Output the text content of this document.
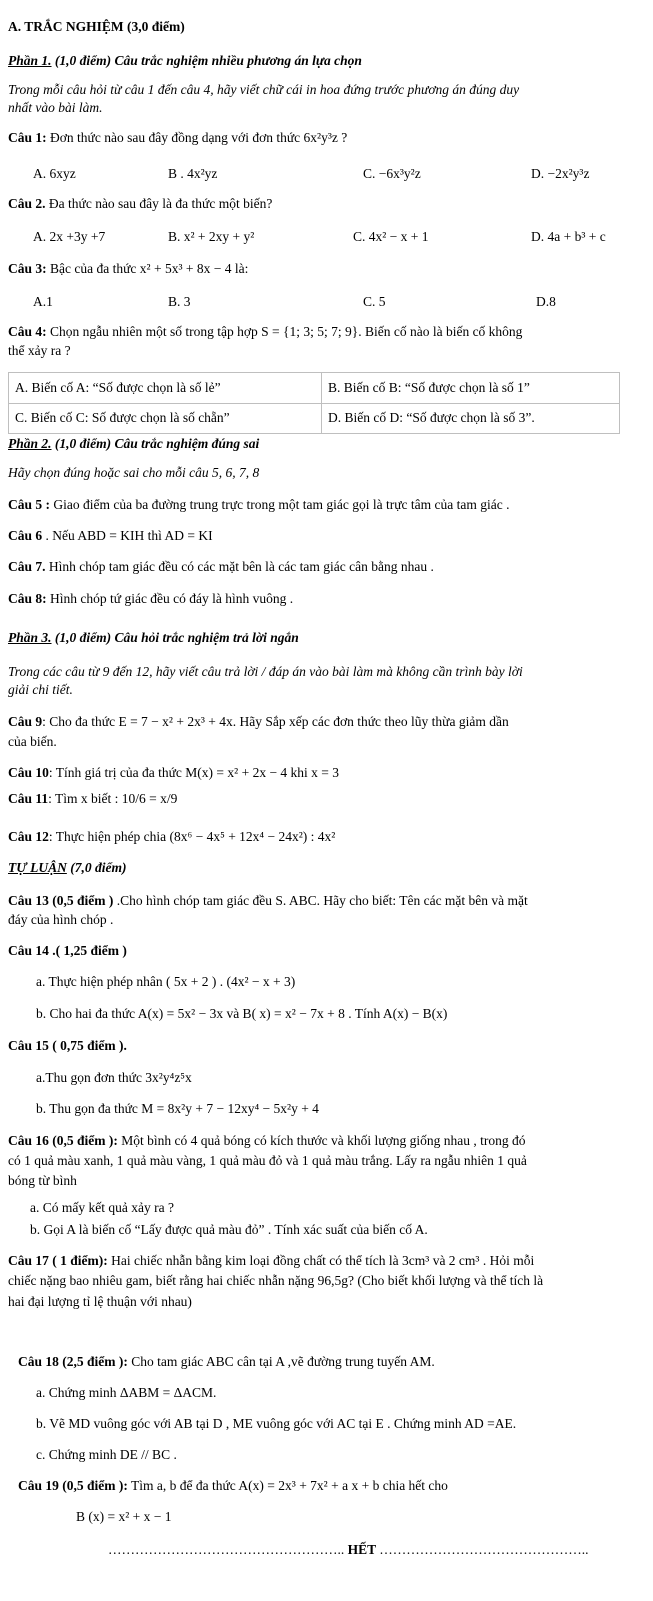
A. TRẮC NGHIỆM (3,0 điểm)
Phần 1. (1,0 điểm) Câu trắc nghiệm nhiều phương án lựa chọn
Trong mỗi câu hỏi từ câu 1 đến câu 4, hãy viết chữ cái in hoa đứng trước phương án đúng duy
nhất vào bài làm.
Câu 1: Đơn thức nào sau đây đồng dạng với đơn thức 6x²y³z ?
A. 6xyz	B . 4x²yz	C. −6x³y²z	D. −2x²y³z
Câu 2. Đa thức nào sau đây là đa thức một biến?
A. 2x +3y +7	B. x² + 2xy + y²	C. 4x² − x + 1	D. 4a + b³ + c
Câu 3: Bậc của đa thức x² + 5x³ + 8x − 4 là:
A.1	B. 3	C. 5	D.8
Câu 4: Chọn ngẫu nhiên một số trong tập hợp S = {1; 3; 5; 7; 9}. Biến cố nào là biến cố không
thể xảy ra ?
A. Biến cố A: “Số được chọn là số lẻ”	B. Biến cố B: “Số được chọn là số 1”
C. Biến cố C: Số được chọn là số chẵn”	D. Biến cố D: “Số được chọn là số 3”.
Phần 2. (1,0 điểm) Câu trắc nghiệm đúng sai
Hãy chọn đúng hoặc sai cho mỗi câu 5, 6, 7, 8
Câu 5 : Giao điểm của ba đường trung trực trong một tam giác gọi là trực tâm của tam giác .
Câu 6 . Nếu ABD = KIH thì AD = KI
Câu 7. Hình chóp tam giác đều có các mặt bên là các tam giác cân bằng nhau .
Câu 8: Hình chóp tứ giác đều có đáy là hình vuông .
Phần 3. (1,0 điểm) Câu hỏi trắc nghiệm trả lời ngắn
Trong các câu từ 9 đến 12, hãy viết câu trả lời / đáp án vào bài làm mà không cần trình bày lời
giải chi tiết.
Câu 9: Cho đa thức E = 7 − x² + 2x³ + 4x. Hãy Sắp xếp các đơn thức theo lũy thừa giảm dần
của biến.
Câu 10: Tính giá trị của đa thức M(x) = x² + 2x − 4 khi x = 3
Câu 11: Tìm x biết : 10/6 = x/9
Câu 12: Thực hiện phép chia (8x⁶ − 4x⁵ + 12x⁴ − 24x²) : 4x²
TỰ LUẬN (7,0 điểm)
Câu 13 (0,5 điểm ) .Cho hình chóp tam giác đều S. ABC. Hãy cho biết: Tên các mặt bên và mặt
đáy của hình chóp .
Câu 14 .( 1,25 điểm )
a. Thực hiện phép nhân ( 5x + 2 ) . (4x² − x + 3)
b. Cho hai đa thức A(x) = 5x² − 3x và B( x) = x² − 7x + 8 . Tính A(x) − B(x)
Câu 15 ( 0,75 điểm ).
a.Thu gọn đơn thức 3x²y⁴z⁵x
b. Thu gọn đa thức M = 8x²y + 7 − 12xy⁴ − 5x²y + 4
Câu 16 (0,5 điểm ): Một bình có 4 quả bóng có kích thước và khối lượng giống nhau , trong đó
có 1 quả màu xanh, 1 quả màu vàng, 1 quả màu đỏ và 1 quả màu trắng. Lấy ra ngẫu nhiên 1 quả
bóng từ bình
a. Có mấy kết quả xảy ra ?
b. Gọi A là biến cố “Lấy được quả màu đỏ” . Tính xác suất của biến cố A.
Câu 17 ( 1 điểm): Hai chiếc nhẫn bằng kim loại đồng chất có thể tích là 3cm³ và 2 cm³ . Hỏi mỗi
chiếc nặng bao nhiêu gam, biết rằng hai chiếc nhẫn nặng 96,5g? (Cho biết khối lượng và thể tích là
hai đại lượng tỉ lệ thuận với nhau)
Câu 18 (2,5 điểm ): Cho tam giác ABC cân tại A ,vẽ đường trung tuyến AM.
a. Chứng minh ΔABM = ΔACM.
b. Vẽ MD vuông góc với AB tại D , ME vuông góc với AC tại E . Chứng minh AD =AE.
c. Chứng minh DE // BC .
Câu 19 (0,5 điểm ): Tìm a, b để đa thức A(x) = 2x³ + 7x² + a x + b chia hết cho
B (x) = x² + x − 1
…………………………………………….. HẾT ………………………………………..
